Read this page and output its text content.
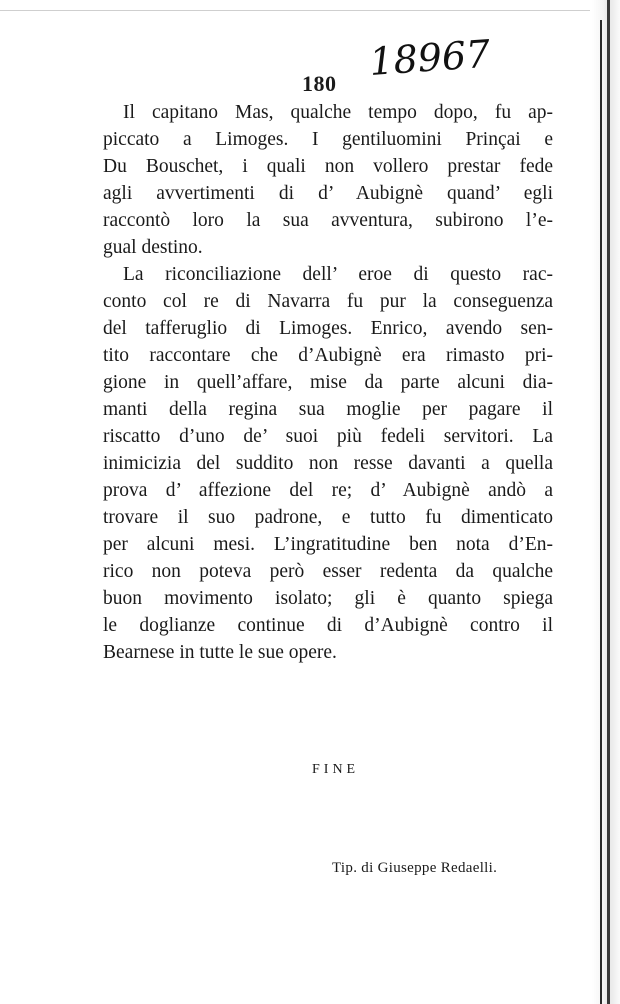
180 18967

Il capitano Mas, qualche tempo dopo, fu ap-
piccato a Limoges. I gentiluomini Prinçai e
Du Bouschet, i quali non vollero prestar fede
agli avvertimenti di d’ Aubignè quand’ egli
raccontò loro la sua avventura, subirono l’e-
gual destino.

La riconciliazione dell’ eroe di questo rac-
conto col re di Navarra fu pur la conseguenza
del tafferuglio di Limoges. Enrico, avendo sen-
tito raccontare che d’Aubignè era rimasto pri-
gione in quell’affare, mise da parte alcuni dia-
manti della regina sua moglie per pagare il
riscatto d’uno de’ suoi più fedeli servitori. La
inimicizia del suddito non resse davanti a quella
prova d’ affezione del re; d’ Aubignè andò a
trovare il suo padrone, e tutto fu dimenticato
per alcuni mesi. L’ingratitudine ben nota d’En-
rico non poteva però esser redenta da qualche
buon movimento isolato; gli è quanto spiega
le doglianze continue di d’Aubignè contro il
Bearnese in tutte le sue opere.

FINE
Tip. di Giuseppe Redaelli.
